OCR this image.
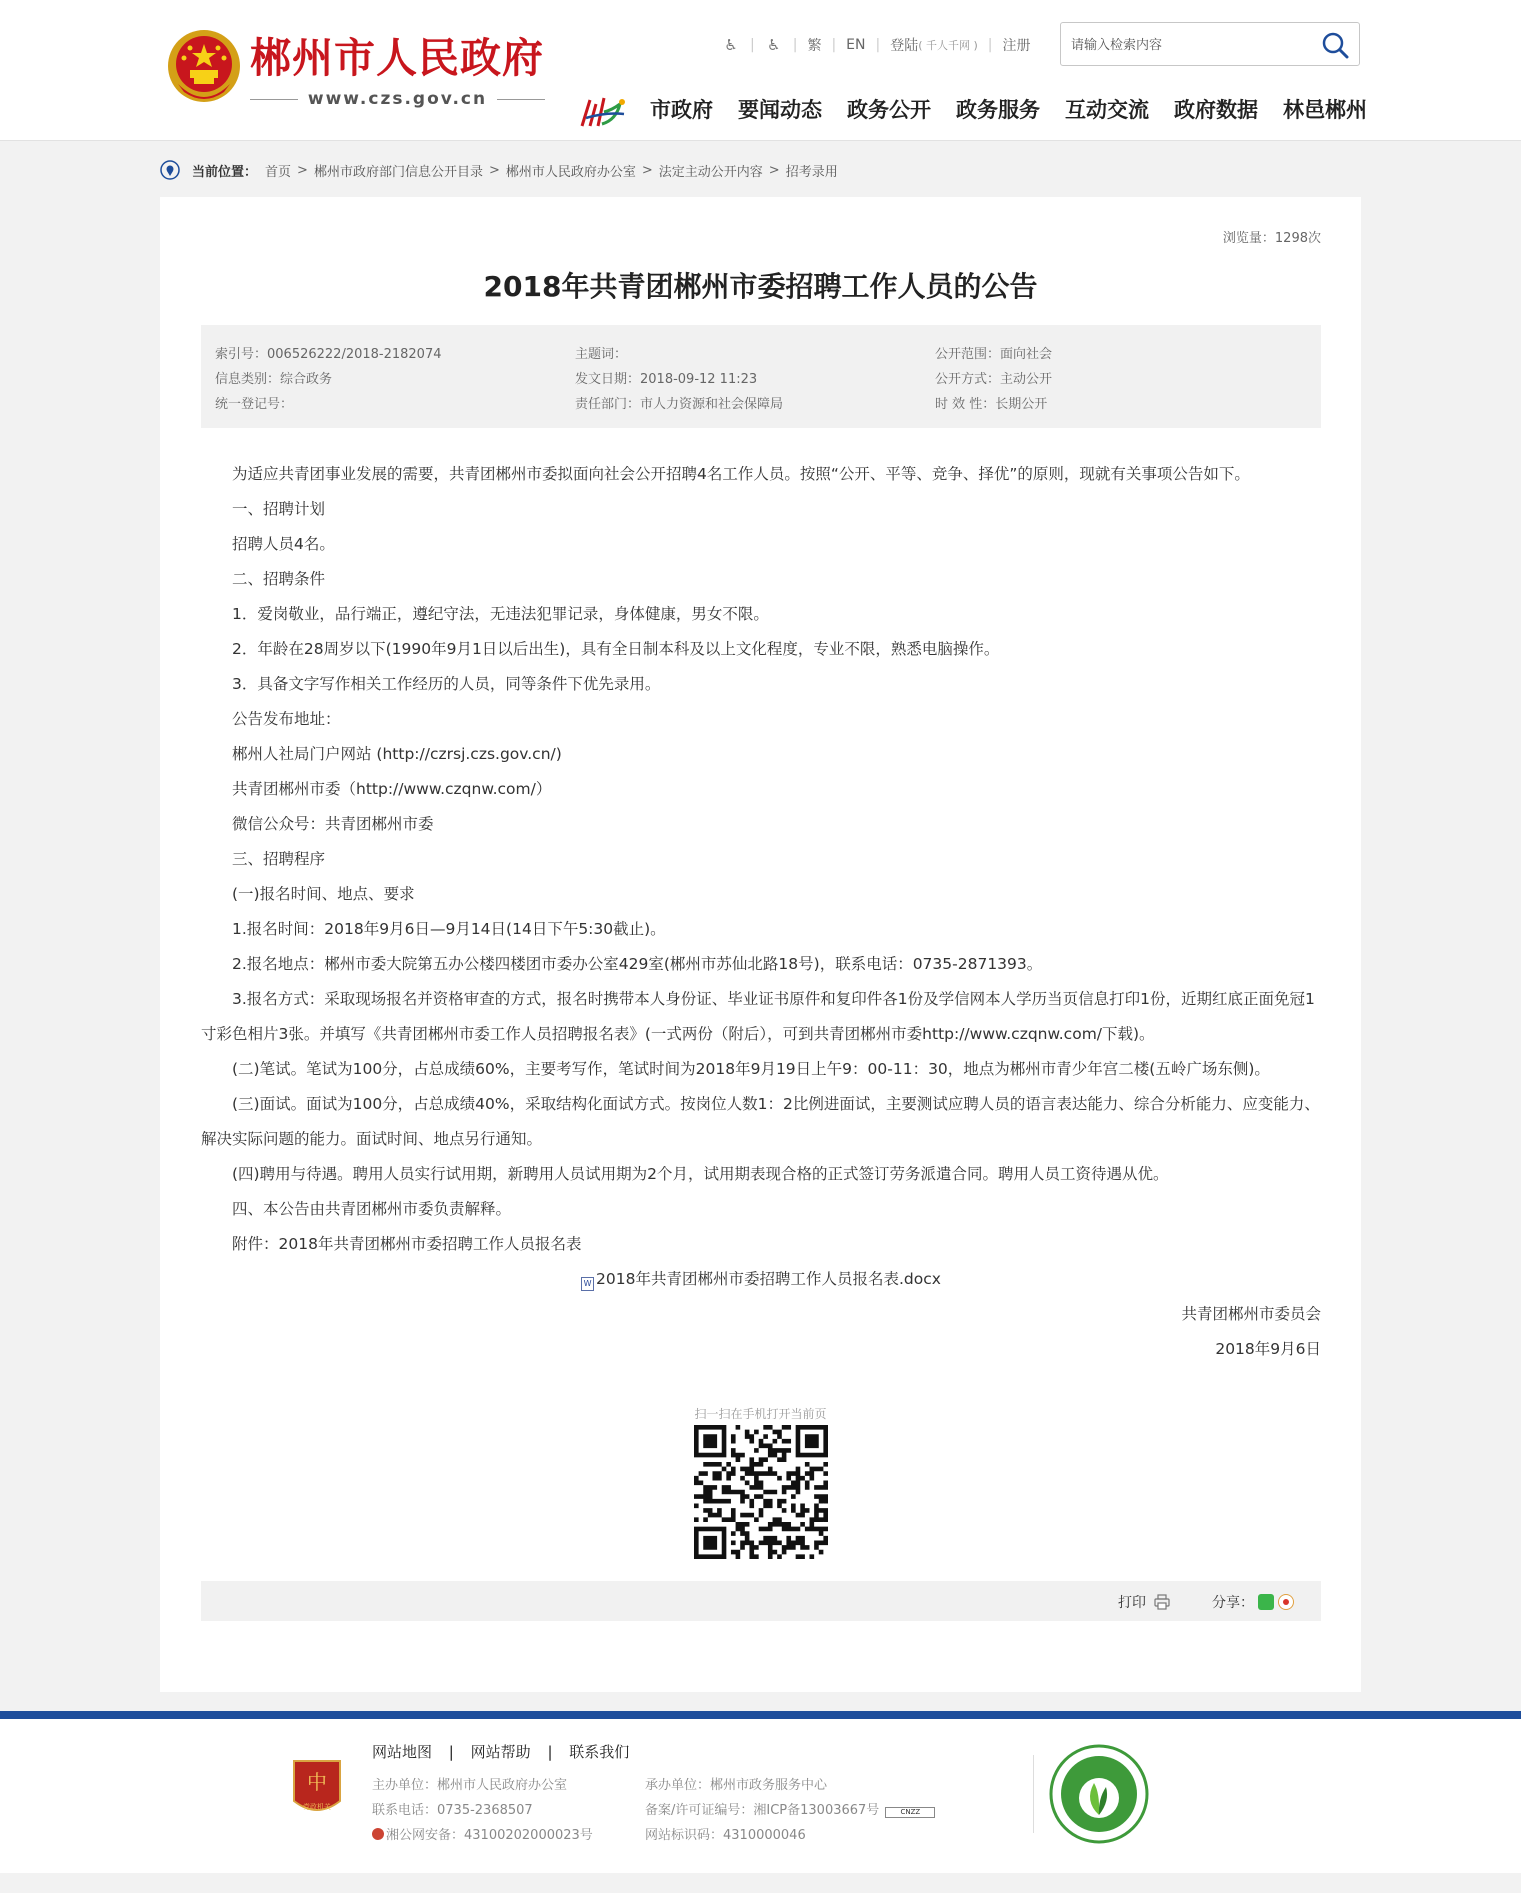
郴州市人民政府
www.czs.gov.cn
♿︎ | ♿ | 繁 | EN | 登陆 ( 千人千网 ) | 注册
请输入检索内容
市政府 要闻动态 政务公开 政务服务 互动交流 政府数据 林邑郴州
当前位置： 首页 > 郴州市政府部门信息公开目录 > 郴州市人民政府办公室 > 法定主动公开内容 > 招考录用
浏览量：1298次
2018年共青团郴州市委招聘工作人员的公告
索引号：006526222/2018-2182074
信息类别：综合政务
统一登记号：
主题词：
发文日期：2018-09-12 11:23
责任部门：市人力资源和社会保障局
公开范围：面向社会
公开方式：主动公开
时 效 性：长期公开

为适应共青团事业发展的需要，共青团郴州市委拟面向社会公开招聘4名工作人员。按照“公开、平等、竞争、择优”的原则，现就有关事项公告如下。

一、招聘计划

招聘人员4名。

二、招聘条件

1．爱岗敬业，品行端正，遵纪守法，无违法犯罪记录，身体健康，男女不限。

2．年龄在28周岁以下(1990年9月1日以后出生)，具有全日制本科及以上文化程度，专业不限，熟悉电脑操作。

3．具备文字写作相关工作经历的人员，同等条件下优先录用。

公告发布地址：

郴州人社局门户网站 (http://czrsj.czs.gov.cn/)

共青团郴州市委（http://www.czqnw.com/）

微信公众号：共青团郴州市委

三、招聘程序

(一)报名时间、地点、要求

1.报名时间：2018年9月6日—9月14日(14日下午5:30截止)。

2.报名地点：郴州市委大院第五办公楼四楼团市委办公室429室(郴州市苏仙北路18号)，联系电话：0735-2871393。

3.报名方式：采取现场报名并资格审查的方式，报名时携带本人身份证、毕业证书原件和复印件各1份及学信网本人学历当页信息打印1份，近期红底正面免冠1寸彩色相片3张。并填写《共青团郴州市委工作人员招聘报名表》(一式两份（附后），可到共青团郴州市委http://www.czqnw.com/下载)。

(二)笔试。笔试为100分，占总成绩60%，主要考写作，笔试时间为2018年9月19日上午9：00-11：30，地点为郴州市青少年宫二楼(五岭广场东侧)。

(三)面试。面试为100分，占总成绩40%，采取结构化面试方式。按岗位人数1：2比例进面试，主要测试应聘人员的语言表达能力、综合分析能力、应变能力、解决实际问题的能力。面试时间、地点另行通知。

(四)聘用与待遇。聘用人员实行试用期，新聘用人员试用期为2个月，试用期表现合格的正式签订劳务派遣合同。聘用人员工资待遇从优。

四、本公告由共青团郴州市委负责解释。

附件：2018年共青团郴州市委招聘工作人员报名表

W 2018年共青团郴州市委招聘工作人员报名表.docx

共青团郴州市委员会

2018年9月6日

扫一扫在手机打开当前页
打印	分享：
中
党政机关
网站地图 | 网站帮助 | 联系我们
主办单位：郴州市人民政府办公室
联系电话：0735-2368507
湘公网安备：43100202000023号
承办单位：郴州市政务服务中心
备案/许可证编号：湘ICP备13003667号	CNZZ
网站标识码：4310000046
